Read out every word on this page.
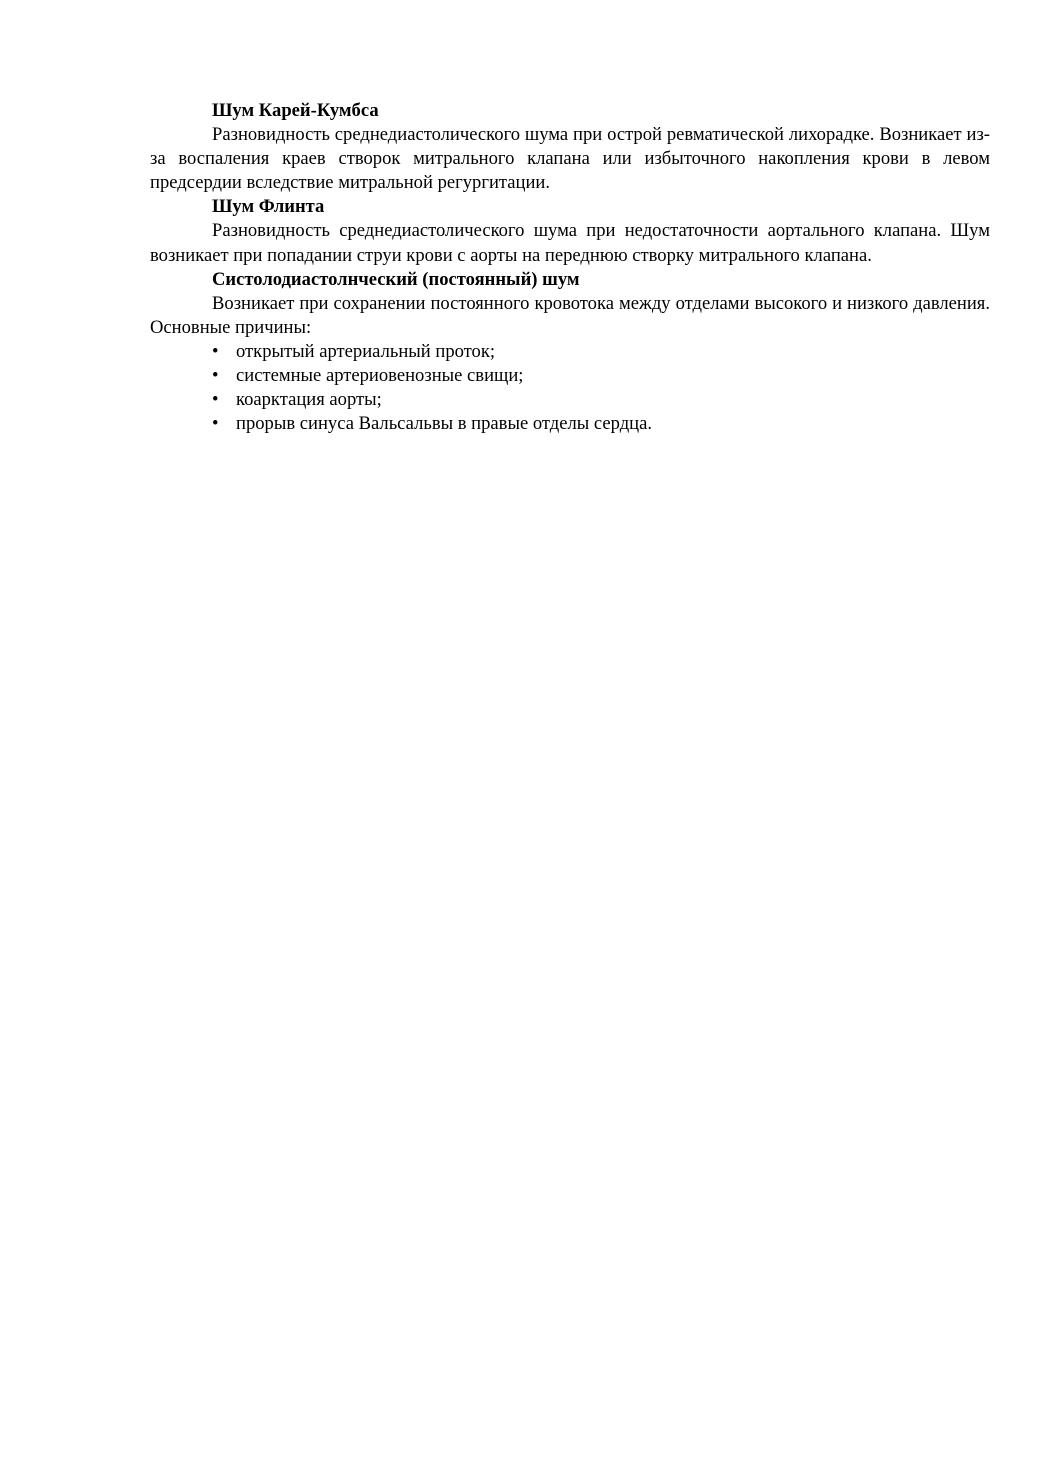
Шум Карей-Кумбса

Разновидность среднедиастолического шума при острой ревматической лихорадке. Возникает из-за воспаления краев створок митрального клапана или избыточного накопления крови в левом предсердии вследствие митральной регургитации.

Шум Флинта

Разновидность среднедиастолического шума при недостаточности аортального клапана. Шум возникает при попадании струи крови с аорты на переднюю створку митрального клапана.

Систолодиастолнческий (постоянный) шум

Возникает при сохранении постоянного кровотока между отделами высокого и низкого давления. Основные причины:

• открытый артериальный проток;
• системные артериовенозные свищи;
• коарктация аорты;
• прорыв синуса Вальсальвы в правые отделы сердца.
